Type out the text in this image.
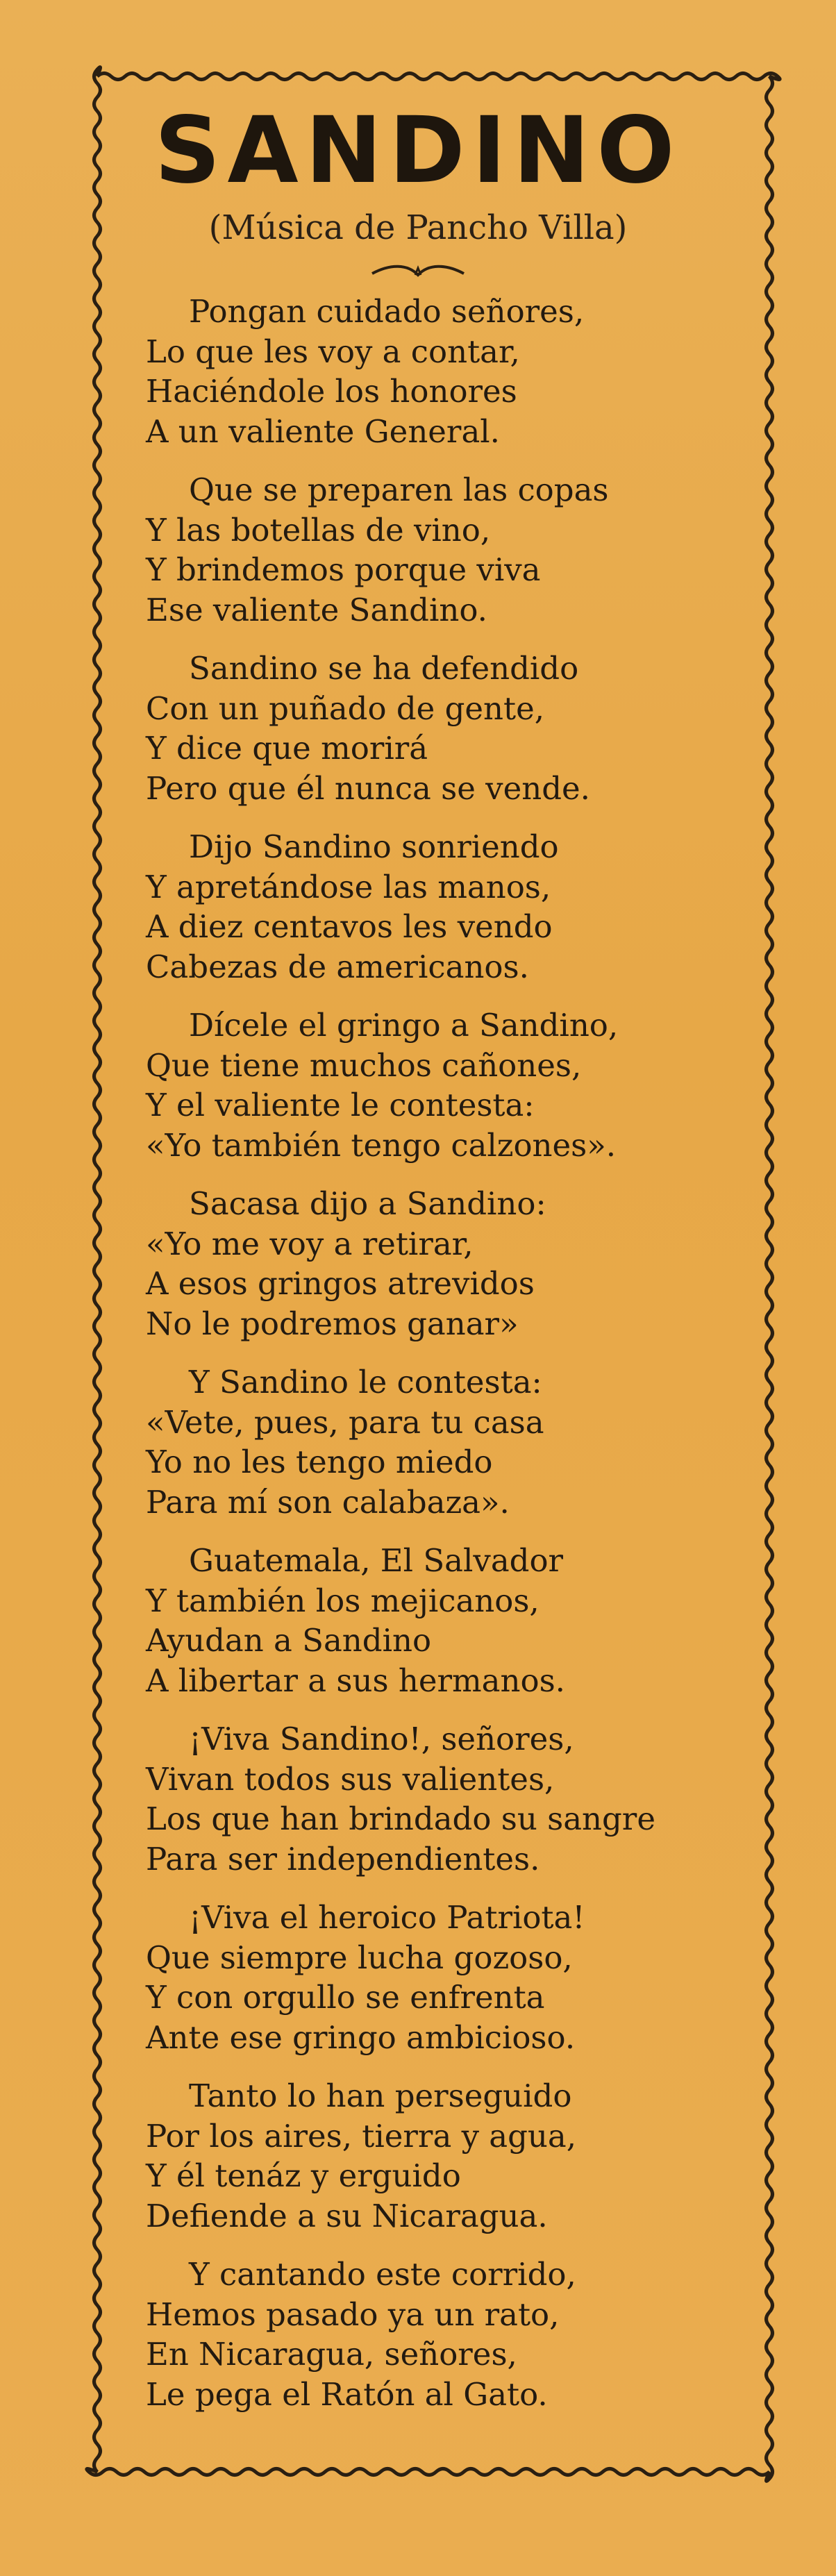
SANDINO
(Música de Pancho Villa)
Pongan cuidado señores,
Lo que les voy a contar,
Haciéndole los honores
A un valiente General.
Que se preparen las copas
Y las botellas de vino,
Y brindemos porque viva
Ese valiente Sandino.
Sandino se ha defendido
Con un puñado de gente,
Y dice que morirá
Pero que él nunca se vende.
Dijo Sandino sonriendo
Y apretándose las manos,
A diez centavos les vendo
Cabezas de americanos.
Dícele el gringo a Sandino,
Que tiene muchos cañones,
Y el valiente le contesta:
«Yo también tengo calzones».
Sacasa dijo a Sandino:
«Yo me voy a retirar,
A esos gringos atrevidos
No le podremos ganar»
Y Sandino le contesta:
«Vete, pues, para tu casa
Yo no les tengo miedo
Para mí son calabaza».
Guatemala, El Salvador
Y también los mejicanos,
Ayudan a Sandino
A libertar a sus hermanos.
¡Viva Sandino!, señores,
Vivan todos sus valientes,
Los que han brindado su sangre
Para ser independientes.
¡Viva el heroico Patriota!
Que siempre lucha gozoso,
Y con orgullo se enfrenta
Ante ese gringo ambicioso.
Tanto lo han perseguido
Por los aires, tierra y agua,
Y él tenáz y erguido
Defiende a su Nicaragua.
Y cantando este corrido,
Hemos pasado ya un rato,
En Nicaragua, señores,
Le pega el Ratón al Gato.
